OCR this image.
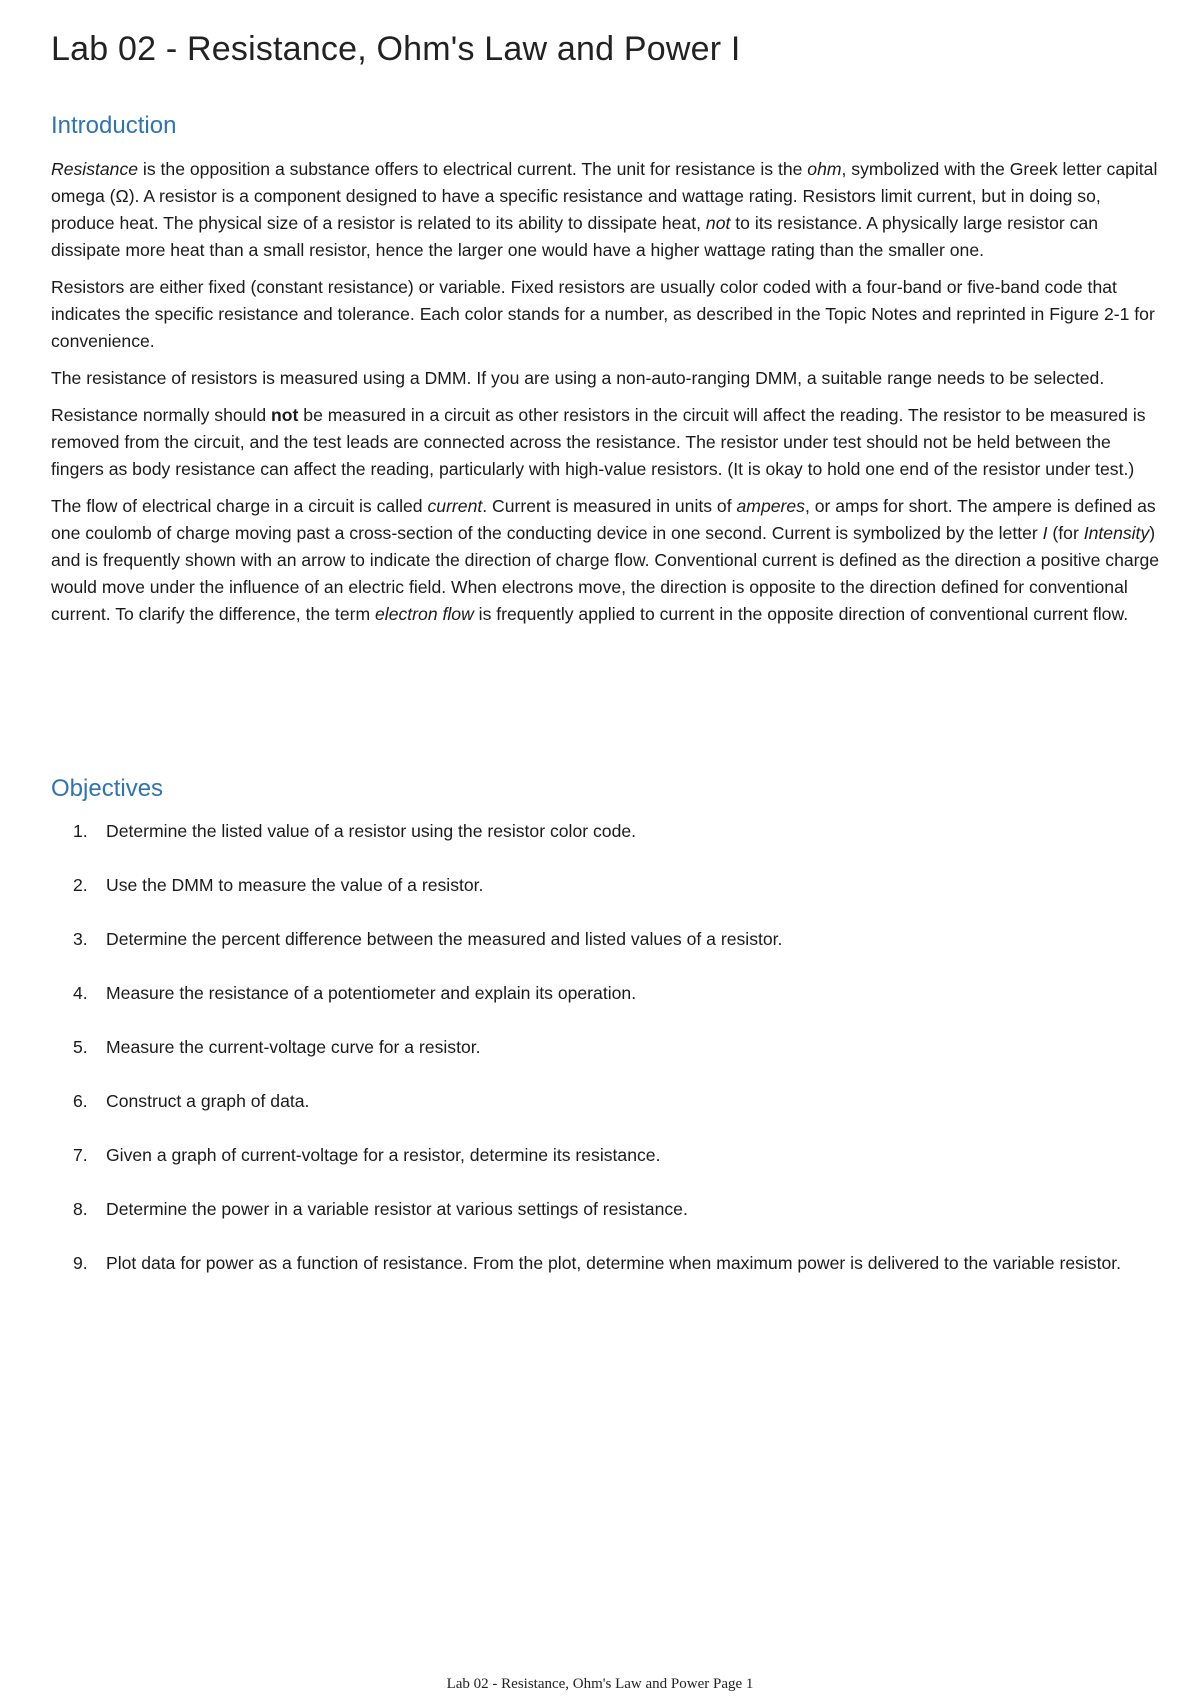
Lab 02 - Resistance, Ohm's Law and Power I
Introduction

Resistance is the opposition a substance offers to electrical current. The unit for resistance is the ohm, symbolized with the Greek letter capital omega (Ω). A resistor is a component designed to have a specific resistance and wattage rating. Resistors limit current, but in doing so, produce heat. The physical size of a resistor is related to its ability to dissipate heat, not to its resistance. A physically large resistor can dissipate more heat than a small resistor, hence the larger one would have a higher wattage rating than the smaller one.

Resistors are either fixed (constant resistance) or variable. Fixed resistors are usually color coded with a four-band or five-band code that indicates the specific resistance and tolerance. Each color stands for a number, as described in the Topic Notes and reprinted in Figure 2-1 for convenience.

The resistance of resistors is measured using a DMM. If you are using a non-auto-ranging DMM, a suitable range needs to be selected.

Resistance normally should not be measured in a circuit as other resistors in the circuit will affect the reading. The resistor to be measured is removed from the circuit, and the test leads are connected across the resistance. The resistor under test should not be held between the fingers as body resistance can affect the reading, particularly with high-value resistors. (It is okay to hold one end of the resistor under test.)

The flow of electrical charge in a circuit is called current. Current is measured in units of amperes, or amps for short. The ampere is defined as one coulomb of charge moving past a cross-section of the conducting device in one second. Current is symbolized by the letter I (for Intensity) and is frequently shown with an arrow to indicate the direction of charge flow. Conventional current is defined as the direction a positive charge would move under the influence of an electric field. When electrons move, the direction is opposite to the direction defined for conventional current. To clarify the difference, the term electron flow is frequently applied to current in the opposite direction of conventional current flow.

Objectives
1. Determine the listed value of a resistor using the resistor color code.
2. Use the DMM to measure the value of a resistor.
3. Determine the percent difference between the measured and listed values of a resistor.
4. Measure the resistance of a potentiometer and explain its operation.
5. Measure the current-voltage curve for a resistor.
6. Construct a graph of data.
7. Given a graph of current-voltage for a resistor, determine its resistance.
8. Determine the power in a variable resistor at various settings of resistance.
9. Plot data for power as a function of resistance. From the plot, determine when maximum power is delivered to the variable resistor.
Lab 02 - Resistance, Ohm's Law and Power Page 1
